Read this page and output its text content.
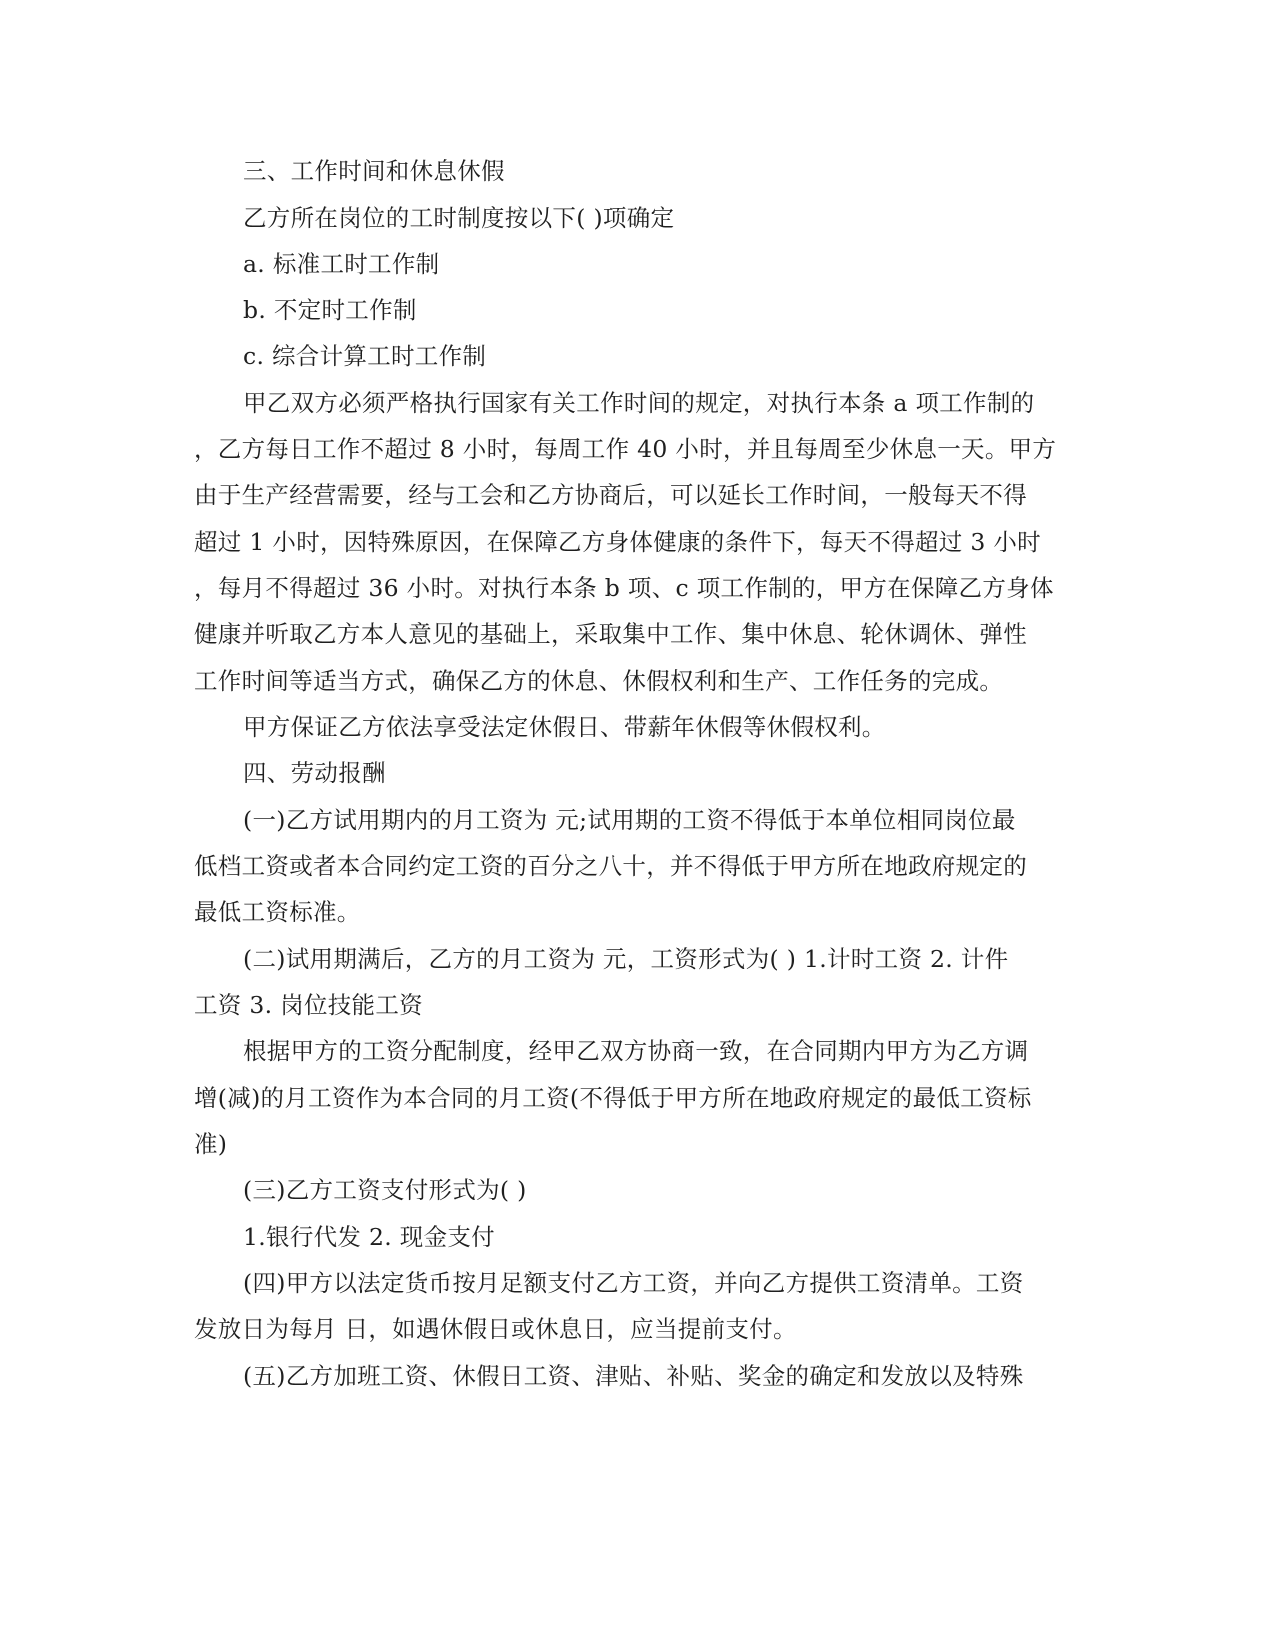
三、工作时间和休息休假
乙方所在岗位的工时制度按以下( )项确定
a. 标准工时工作制
b. 不定时工作制
c. 综合计算工时工作制
甲乙双方必须严格执行国家有关工作时间的规定，对执行本条 a 项工作制的
，乙方每日工作不超过 8 小时，每周工作 40 小时，并且每周至少休息一天。甲方
由于生产经营需要，经与工会和乙方协商后，可以延长工作时间，一般每天不得
超过 1 小时，因特殊原因，在保障乙方身体健康的条件下，每天不得超过 3 小时
，每月不得超过 36 小时。对执行本条 b 项、c 项工作制的，甲方在保障乙方身体
健康并听取乙方本人意见的基础上，采取集中工作、集中休息、轮休调休、弹性
工作时间等适当方式，确保乙方的休息、休假权利和生产、工作任务的完成。
甲方保证乙方依法享受法定休假日、带薪年休假等休假权利。
四、劳动报酬
(一)乙方试用期内的月工资为 元;试用期的工资不得低于本单位相同岗位最
低档工资或者本合同约定工资的百分之八十，并不得低于甲方所在地政府规定的
最低工资标准。
(二)试用期满后，乙方的月工资为 元，工资形式为( ) 1.计时工资 2. 计件
工资 3. 岗位技能工资
根据甲方的工资分配制度，经甲乙双方协商一致，在合同期内甲方为乙方调
增(减)的月工资作为本合同的月工资(不得低于甲方所在地政府规定的最低工资标
准)
(三)乙方工资支付形式为( )
1.银行代发 2. 现金支付
(四)甲方以法定货币按月足额支付乙方工资，并向乙方提供工资清单。工资
发放日为每月 日，如遇休假日或休息日，应当提前支付。
(五)乙方加班工资、休假日工资、津贴、补贴、奖金的确定和发放以及特殊
